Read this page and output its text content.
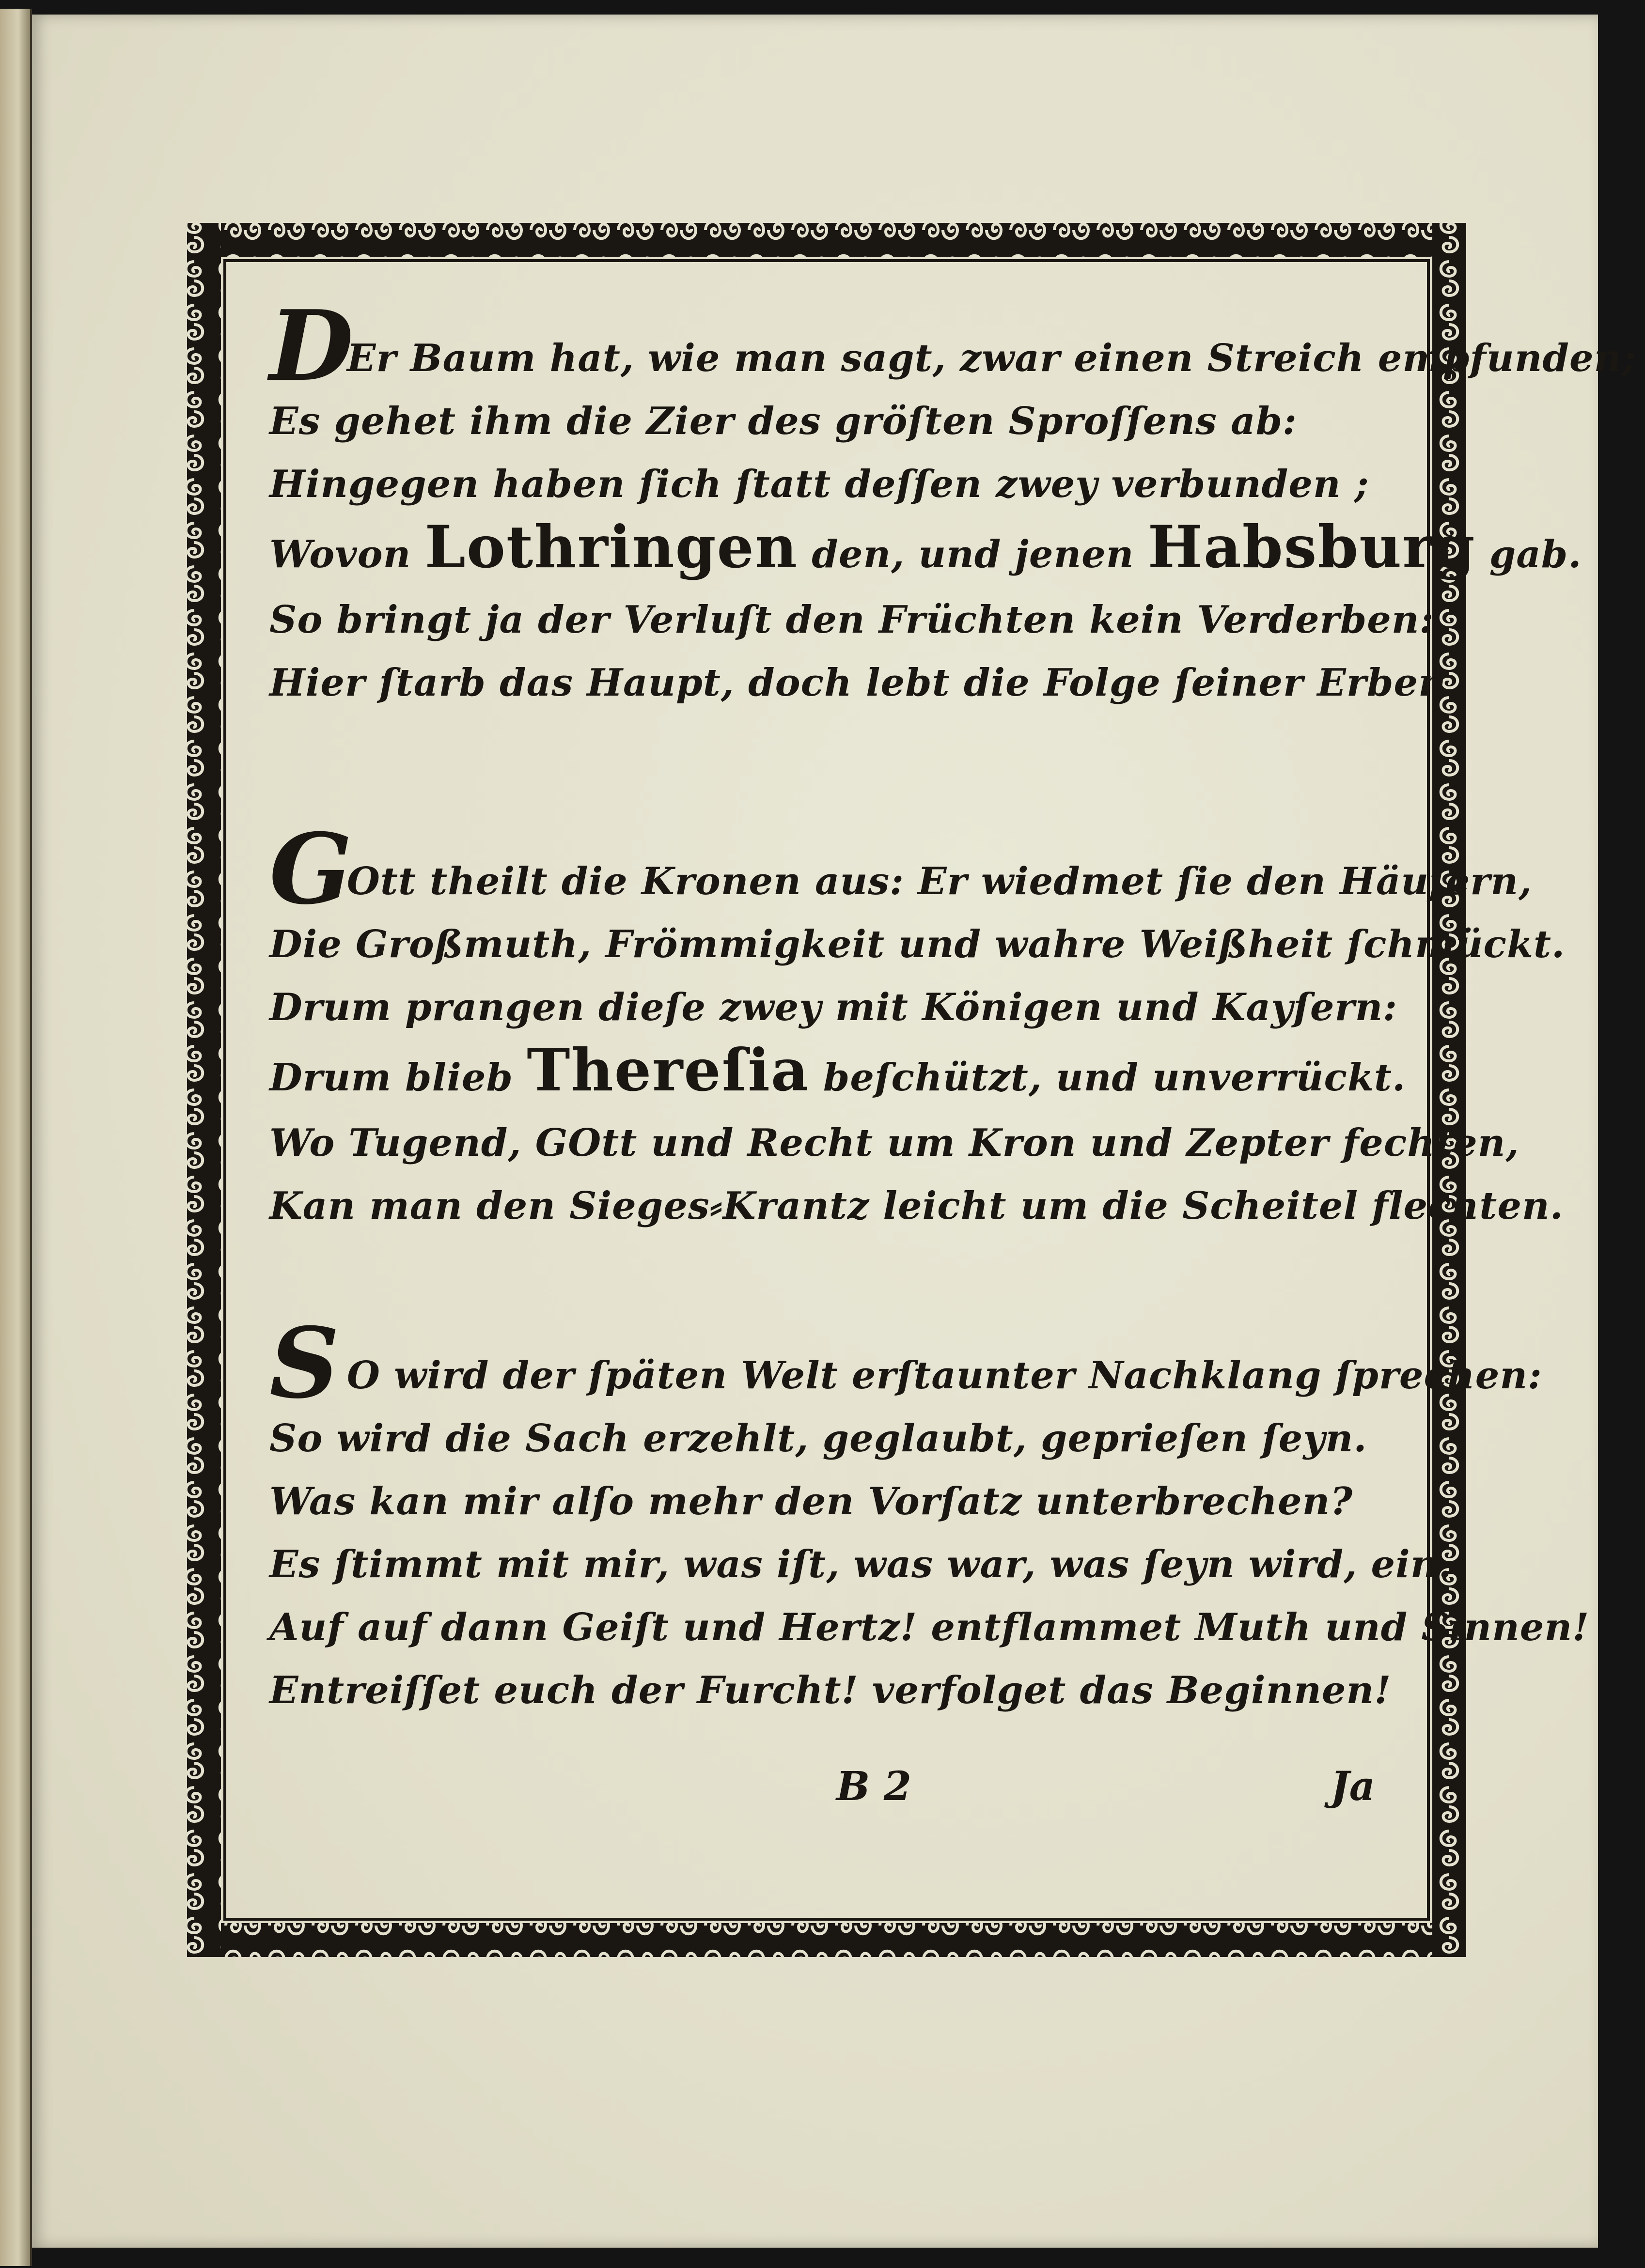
D
Er Baum hat, wie man sagt, zwar einen Streich empfunden;
Es gehet ihm die Zier des gröſten Sproſſens ab:
Hingegen haben ſich ſtatt deſſen zwey verbunden ;
Wovon Lothringen den, und jenen Habsburg gab.
So bringt ja der Verluſt den Früchten kein Verderben:
Hier ſtarb das Haupt, doch lebt die Folge ſeiner Erben.
G
Ott theilt die Kronen aus: Er wiedmet ſie den Häuſern,
Die Großmuth, Frömmigkeit und wahre Weißheit ſchmückt.
Drum prangen dieſe zwey mit Königen und Kayſern:
Drum blieb Thereſia beſchützt, und unverrückt.
Wo Tugend, GOtt und Recht um Kron und Zepter fechten,
Kan man den Sieges⸗Krantz leicht um die Scheitel flechten.
S O wird der ſpäten Welt erſtaunter Nachklang ſprechen:
So wird die Sach erzehlt, geglaubt, geprieſen ſeyn.
Was kan mir alſo mehr den Vorſatz unterbrechen?
Es ſtimmt mit mir, was iſt, was war, was ſeyn wird, ein.
Auf auf dann Geiſt und Hertz! entflammet Muth und Sinnen!
Entreiſſet euch der Furcht! verfolget das Beginnen!
B 2	Ja
